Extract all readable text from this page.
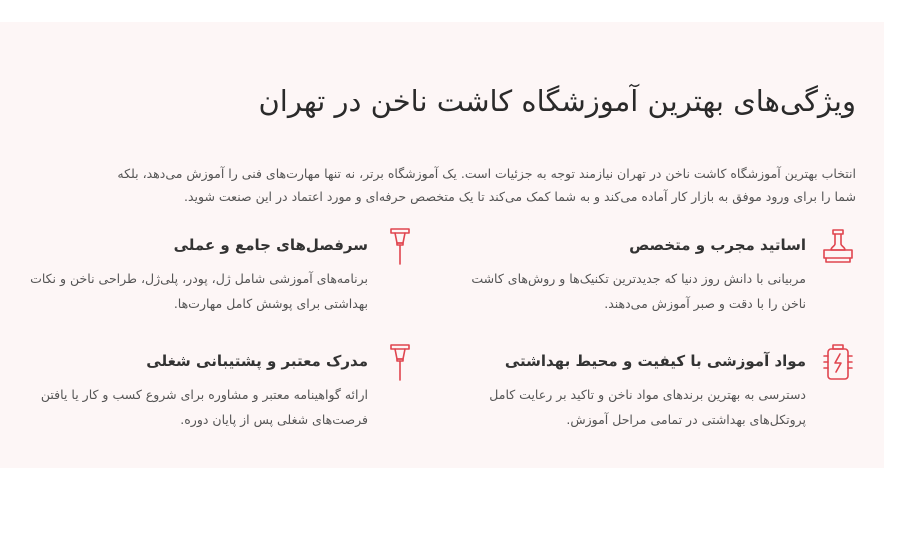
ویژگی‌های بهترین آموزشگاه کاشت ناخن در تهران

انتخاب بهترین آموزشگاه کاشت ناخن در تهران نیازمند توجه به جزئیات است. یک آموزشگاه برتر، نه تنها مهارت‌های فنی را آموزش می‌دهد، بلکه شما را برای ورود موفق به بازار کار آماده می‌کند و به شما کمک می‌کند تا یک متخصص حرفه‌ای و مورد اعتماد در این صنعت شوید.

اساتید مجرب و متخصص

مربیانی با دانش روز دنیا که جدیدترین تکنیک‌ها و روش‌های کاشت ناخن را با دقت و صبر آموزش می‌دهند.

سرفصل‌های جامع و عملی

برنامه‌های آموزشی شامل ژل، پودر، پلی‌ژل، طراحی ناخن و نکات بهداشتی برای پوشش کامل مهارت‌ها.

مواد آموزشی با کیفیت و محیط بهداشتی

دسترسی به بهترین برندهای مواد ناخن و تاکید بر رعایت کامل پروتکل‌های بهداشتی در تمامی مراحل آموزش.

مدرک معتبر و پشتیبانی شغلی

ارائه گواهینامه معتبر و مشاوره برای شروع کسب و کار یا یافتن فرصت‌های شغلی پس از پایان دوره.
